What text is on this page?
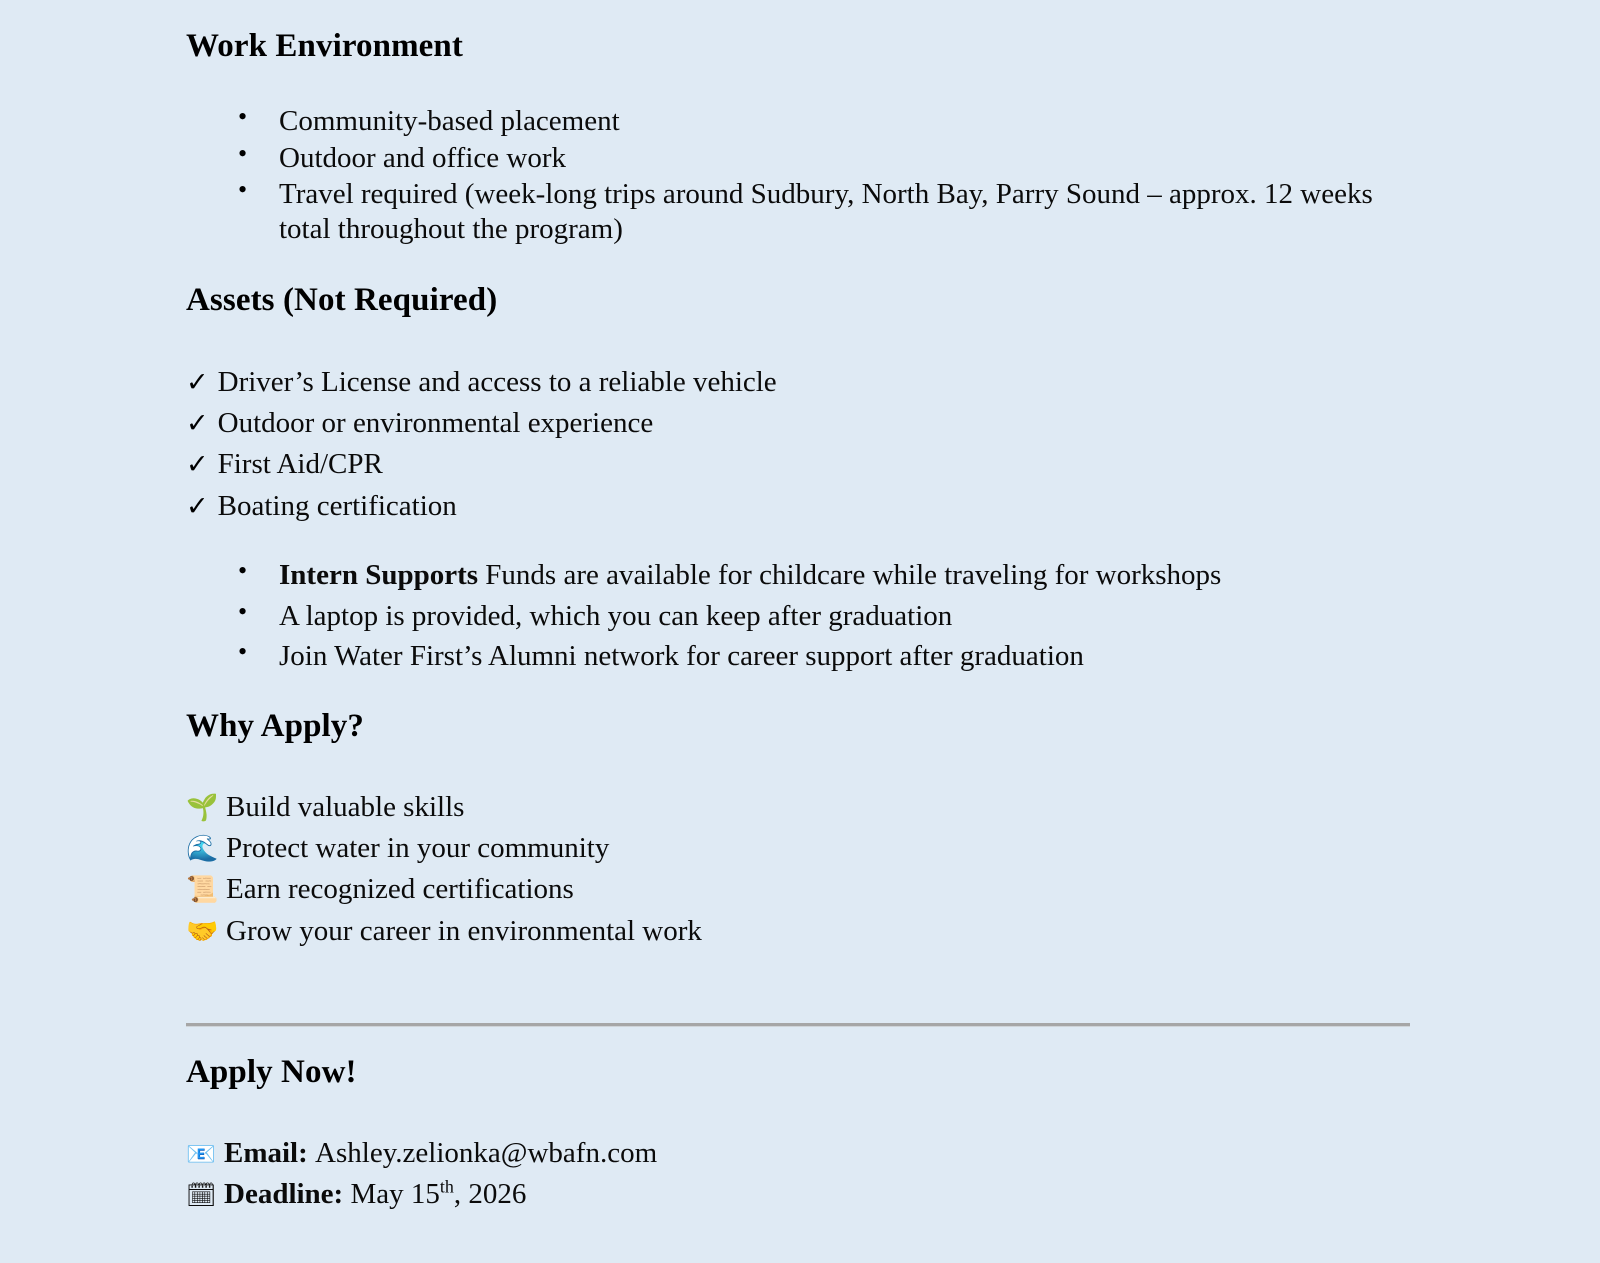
Work Environment
• Community-based placement
• Outdoor and office work
• Travel required (week-long trips around Sudbury, North Bay, Parry Sound – approx. 12 weeks total throughout the program)
Assets (Not Required)
✓ Driver’s License and access to a reliable vehicle
✓ Outdoor or environmental experience
✓ First Aid/CPR
✓ Boating certification
• Intern Supports Funds are available for childcare while traveling for workshops
• A laptop is provided, which you can keep after graduation
• Join Water First’s Alumni network for career support after graduation
Why Apply?
🌱 Build valuable skills
🌊 Protect water in your community
📜 Earn recognized certifications
🤝 Grow your career in environmental work
Apply Now!
📧 Email: Ashley.zelionka@wbafn.com
🗓 Deadline: May 15th, 2026
